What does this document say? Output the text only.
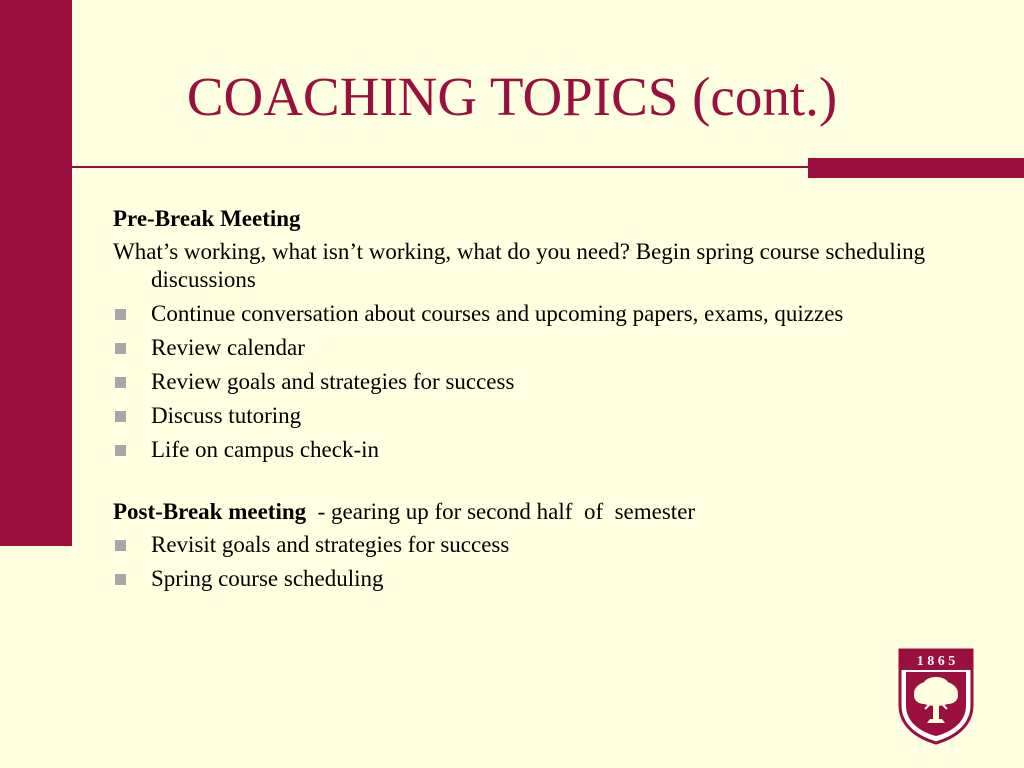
COACHING TOPICS (cont.)
Pre-Break Meeting
What’s working, what isn’t working, what do you need? Begin spring course scheduling discussions
Continue conversation about courses and upcoming papers, exams, quizzes
Review calendar
Review goals and strategies for success
Discuss tutoring
Life on campus check-in
Post-Break meeting  - gearing up for second half  of  semester
Revisit goals and strategies for success
Spring course scheduling
1 8 6 5
